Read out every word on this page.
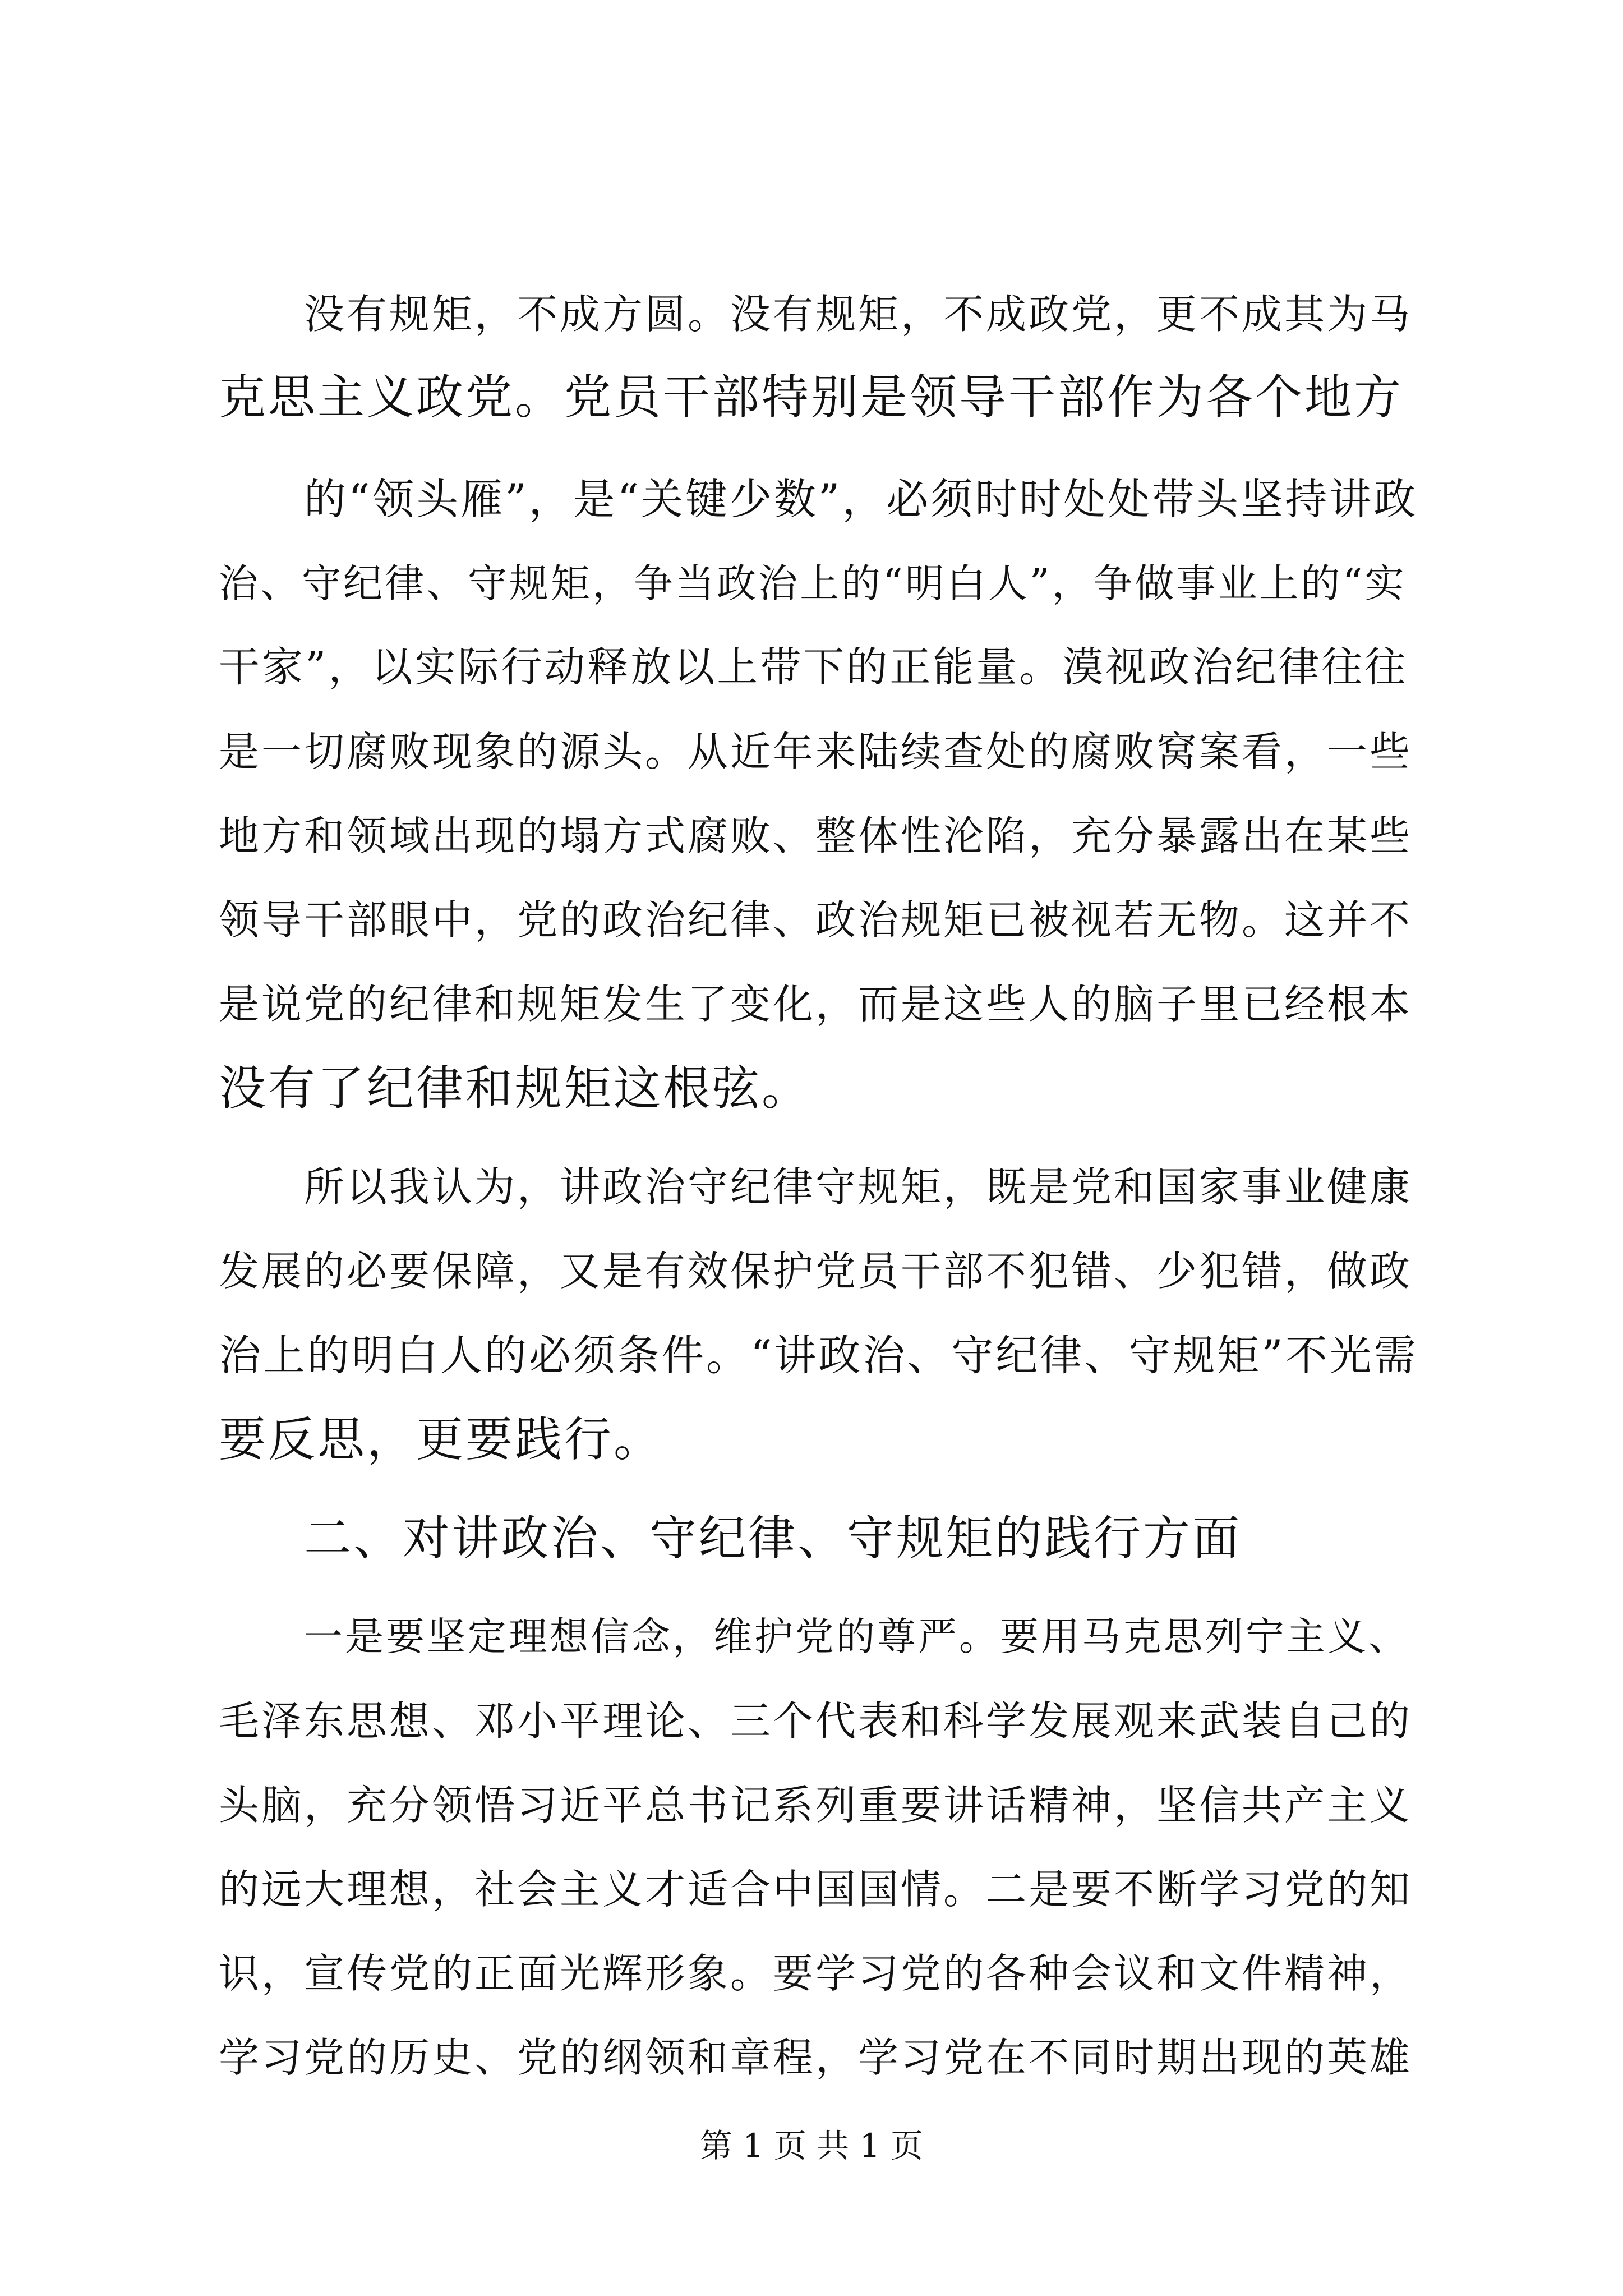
没有规矩，不成方圆。没有规矩，不成政党，更不成其为马
克思主义政党。党员干部特别是领导干部作为各个地方
的“领头雁”，是“关键少数”，必须时时处处带头坚持讲政
治、守纪律、守规矩，争当政治上的“明白人”，争做事业上的“实
干家”，以实际行动释放以上带下的正能量。漠视政治纪律往往
是一切腐败现象的源头。从近年来陆续查处的腐败窝案看，一些
地方和领域出现的塌方式腐败、整体性沦陷，充分暴露出在某些
领导干部眼中，党的政治纪律、政治规矩已被视若无物。这并不
是说党的纪律和规矩发生了变化，而是这些人的脑子里已经根本
没有了纪律和规矩这根弦。
所以我认为，讲政治守纪律守规矩，既是党和国家事业健康
发展的必要保障，又是有效保护党员干部不犯错、少犯错，做政
治上的明白人的必须条件。“讲政治、守纪律、守规矩”不光需
要反思，更要践行。
二、对讲政治、守纪律、守规矩的践行方面
一是要坚定理想信念，维护党的尊严。要用马克思列宁主义、
毛泽东思想、邓小平理论、三个代表和科学发展观来武装自己的
头脑，充分领悟习近平总书记系列重要讲话精神，坚信共产主义
的远大理想，社会主义才适合中国国情。二是要不断学习党的知
识，宣传党的正面光辉形象。要学习党的各种会议和文件精神，
学习党的历史、党的纲领和章程，学习党在不同时期出现的英雄
第 1 页 共 1 页
